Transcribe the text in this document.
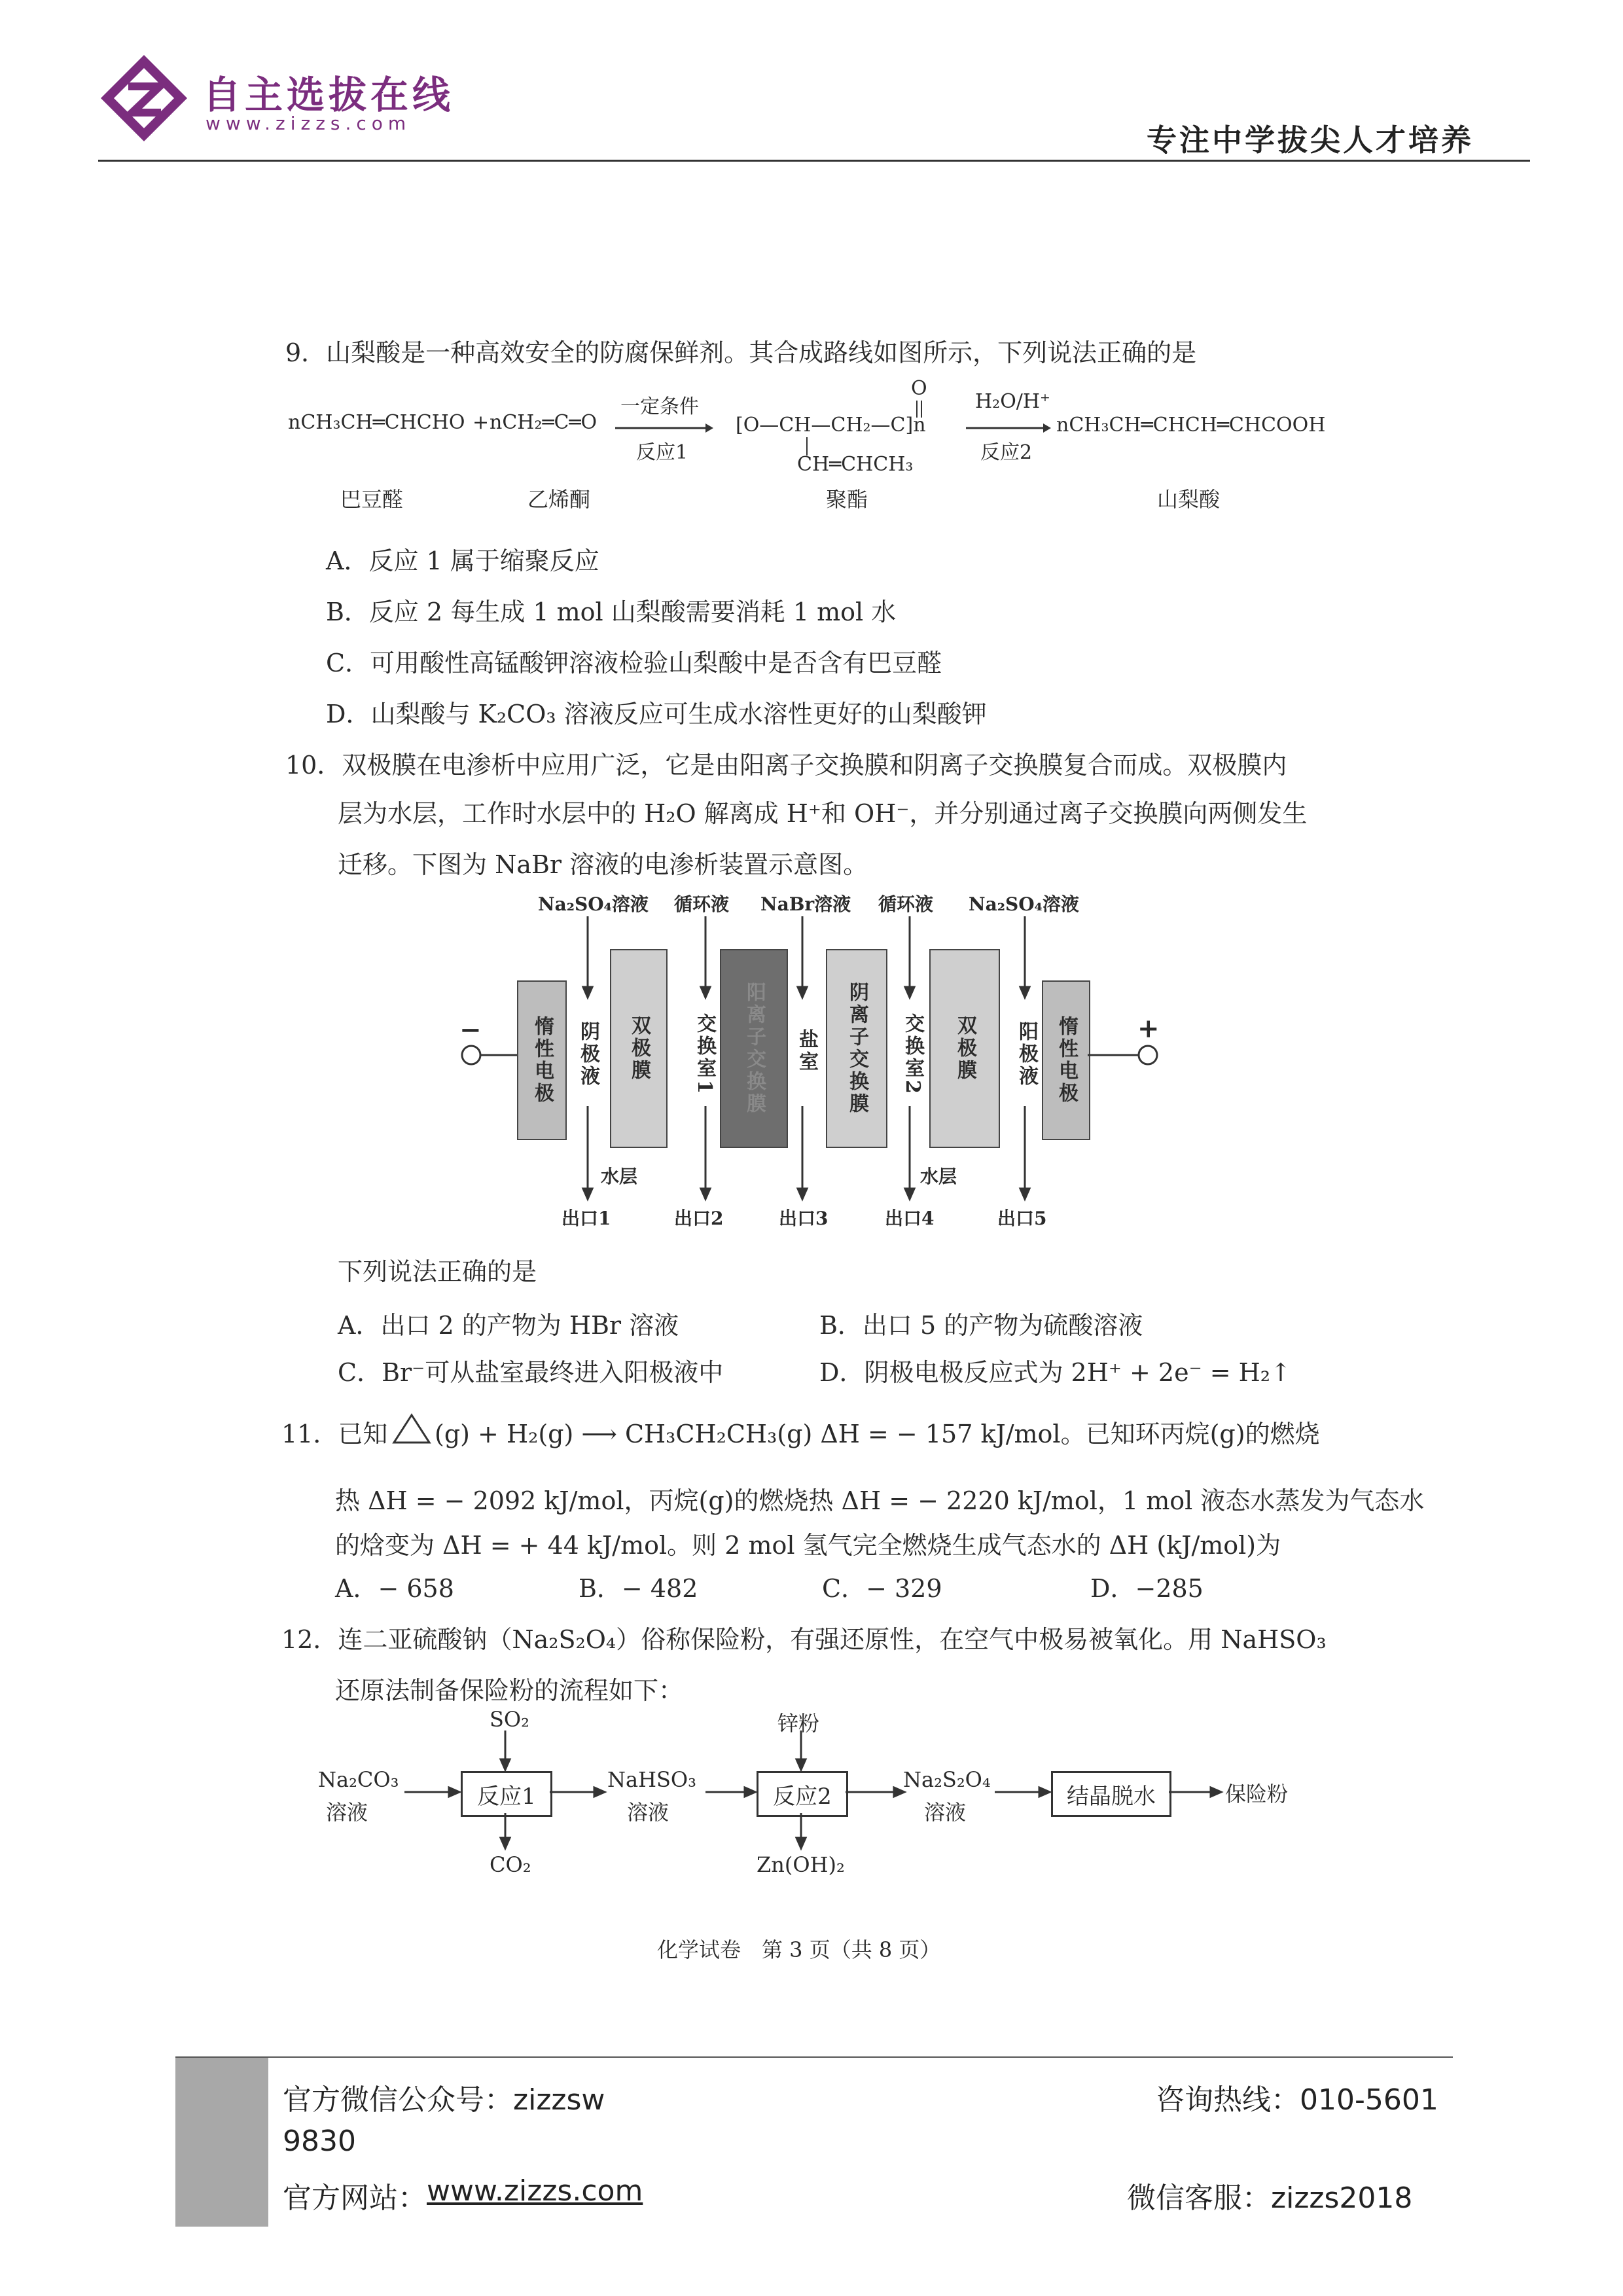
自主选拔在线
www.zizzs.com	专注中学拔尖人才培养
9．山梨酸是一种高效安全的防腐保鲜剂。其合成路线如图所示，下列说法正确的是
nCH₃CH═CHCHO + nCH₂═C═O
一定条件
反应1
O
[O—CH—CH₂—C]n
CH═CHCH₃
H₂O/H⁺
反应2
nCH₃CH═CHCH═CHCOOH
巴豆醛	乙烯酮	聚酯	山梨酸
A．反应 1 属于缩聚反应
B．反应 2 每生成 1 mol 山梨酸需要消耗 1 mol 水
C．可用酸性高锰酸钾溶液检验山梨酸中是否含有巴豆醛
D．山梨酸与 K₂CO₃ 溶液反应可生成水溶性更好的山梨酸钾
10．双极膜在电渗析中应用广泛，它是由阳离子交换膜和阴离子交换膜复合而成。双极膜内
层为水层，工作时水层中的 H₂O 解离成 H⁺和 OH⁻，并分别通过离子交换膜向两侧发生
迁移。下图为 NaBr 溶液的电渗析装置示意图。
Na₂SO₄溶液 循环液 NaBr溶液 循环液 Na₂SO₄溶液
惰性电极	阴极液	双极膜	交换室1	阳离子交换膜	盐室	阴离子交换膜	交换室2	双极膜	阳极液 惰性电极
−	+
水层	水层
出口1	出口2	出口3	出口4	出口5
下列说法正确的是
A．出口 2 的产物为 HBr 溶液	B．出口 5 的产物为硫酸溶液
C．Br⁻可从盐室最终进入阳极液中	D．阴极电极反应式为 2H⁺ + 2e⁻ = H₂↑
11．已知 (g) + H₂(g) ⟶ CH₃CH₂CH₃(g) ΔH = − 157 kJ/mol。已知环丙烷(g)的燃烧
热 ΔH = − 2092 kJ/mol，丙烷(g)的燃烧热 ΔH = − 2220 kJ/mol，1 mol 液态水蒸发为气态水
的焓变为 ΔH = + 44 kJ/mol。则 2 mol 氢气完全燃烧生成气态水的 ΔH (kJ/mol)为
A．− 658	B．− 482	C．− 329	D．−285
12．连二亚硫酸钠（Na₂S₂O₄）俗称保险粉，有强还原性，在空气中极易被氧化。用 NaHSO₃
还原法制备保险粉的流程如下：
SO₂	锌粉
Na₂CO₃
溶液
反应1
NaHSO₃
溶液
反应2
Na₂S₂O₄
溶液
结晶脱水	保险粉
CO₂	Zn(OH)₂
化学试卷　第 3 页（共 8 页）
官方微信公众号：zizzsw	咨询热线：010-5601
9830
官方网站： www.zizzs.com	微信客服：zizzs2018
